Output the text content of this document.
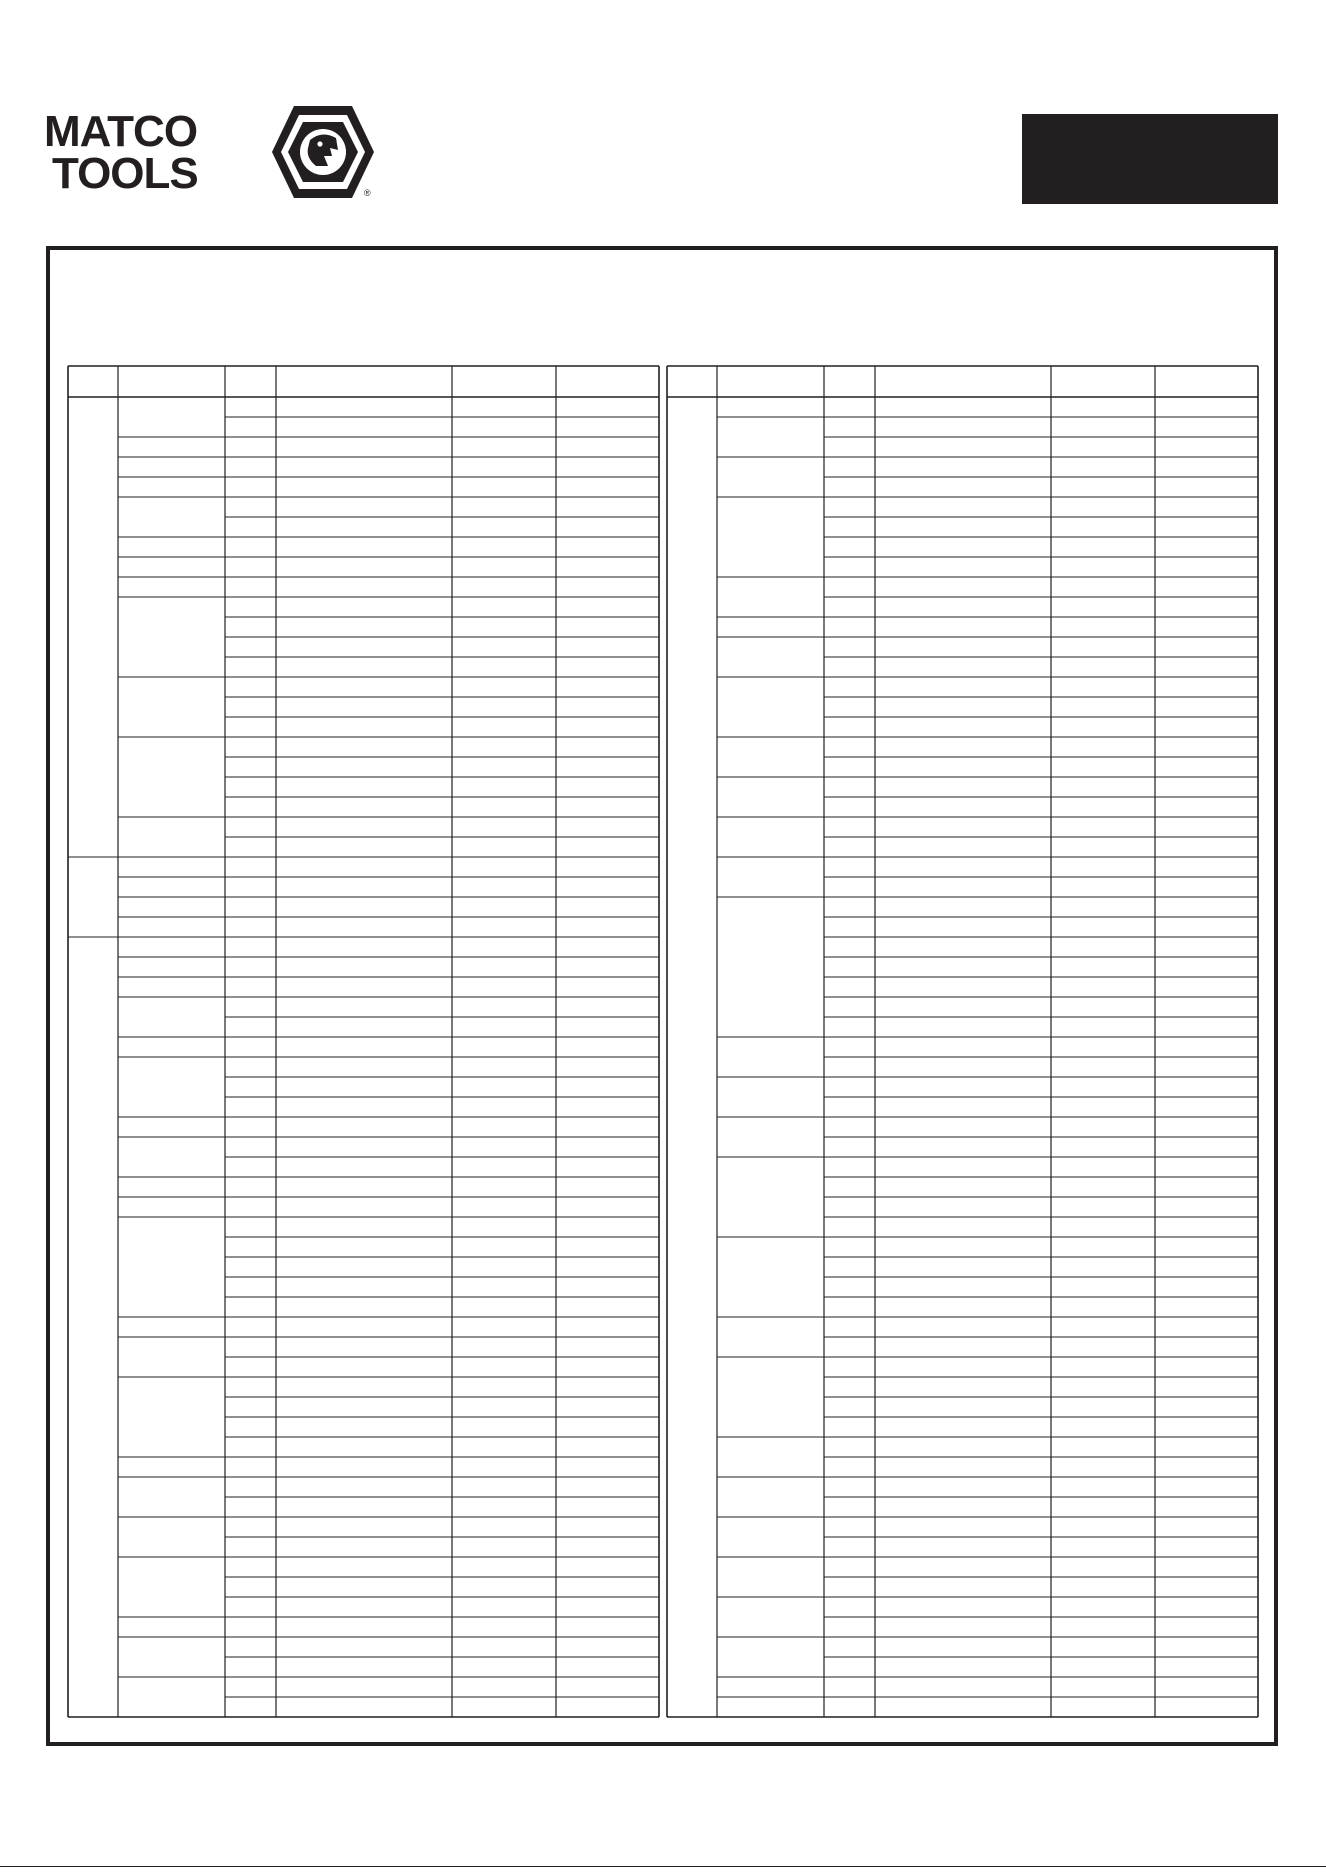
MATCO
TOOLS	®
